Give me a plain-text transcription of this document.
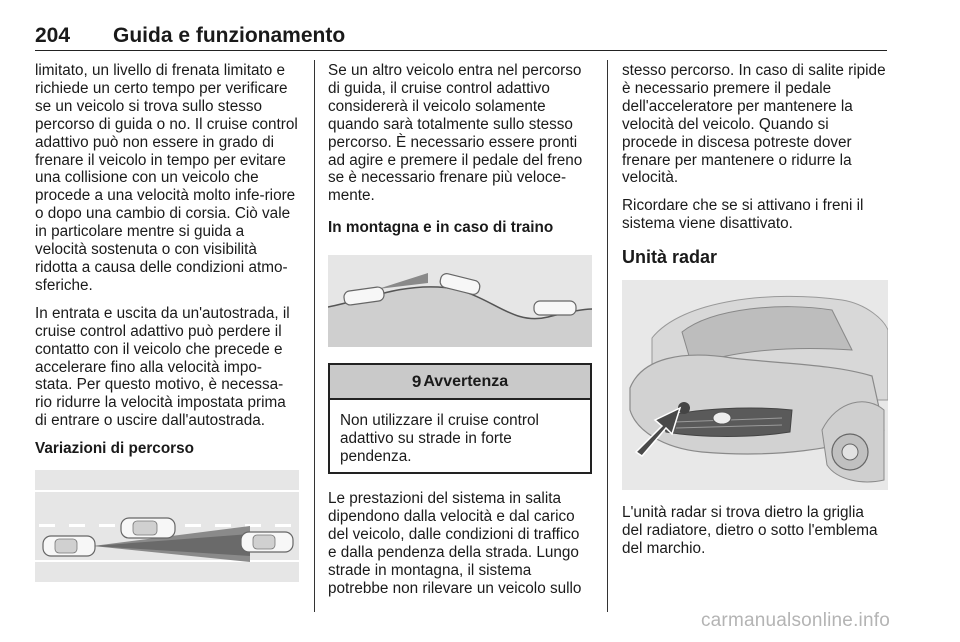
204 Guida e funzionamento

limitato, un livello di frenata limitato e richiede un certo tempo per verificare se un veicolo si trova sullo stesso percorso di guida o no. Il cruise control adattivo può non essere in grado di frenare il veicolo in tempo per evitare una collisione con un veicolo che procede a una velocità molto infe-riore o dopo una cambio di corsia. Ciò vale in particolare mentre si guida a velocità sostenuta o con visibilità ridotta a causa delle condizioni atmo-sferiche.

In entrata e uscita da un'autostrada, il cruise control adattivo può perdere il contatto con il veicolo che precede e accelerare fino alla velocità impo-stata. Per questo motivo, è necessa-rio ridurre la velocità impostata prima di entrare o uscire dall'autostrada.

Variazioni di percorso

Se un altro veicolo entra nel percorso di guida, il cruise control adattivo considererà il veicolo solamente quando sarà totalmente sullo stesso percorso. È necessario essere pronti ad agire e premere il pedale del freno se è necessario frenare più veloce-mente.

In montagna e in caso di traino
9 Avvertenza

Non utilizzare il cruise control adattivo su strade in forte pendenza.

Le prestazioni del sistema in salita dipendono dalla velocità e dal carico del veicolo, dalle condizioni di traffico e dalla pendenza della strada. Lungo strade in montagna, il sistema potrebbe non rilevare un veicolo sullo

stesso percorso. In caso di salite ripide è necessario premere il pedale dell'acceleratore per mantenere la velocità del veicolo. Quando si procede in discesa potreste dover frenare per mantenere o ridurre la velocità.

Ricordare che se si attivano i freni il sistema viene disattivato.

Unità radar

L'unità radar si trova dietro la griglia del radiatore, dietro o sotto l'emblema del marchio.

carmanualsonline.info
